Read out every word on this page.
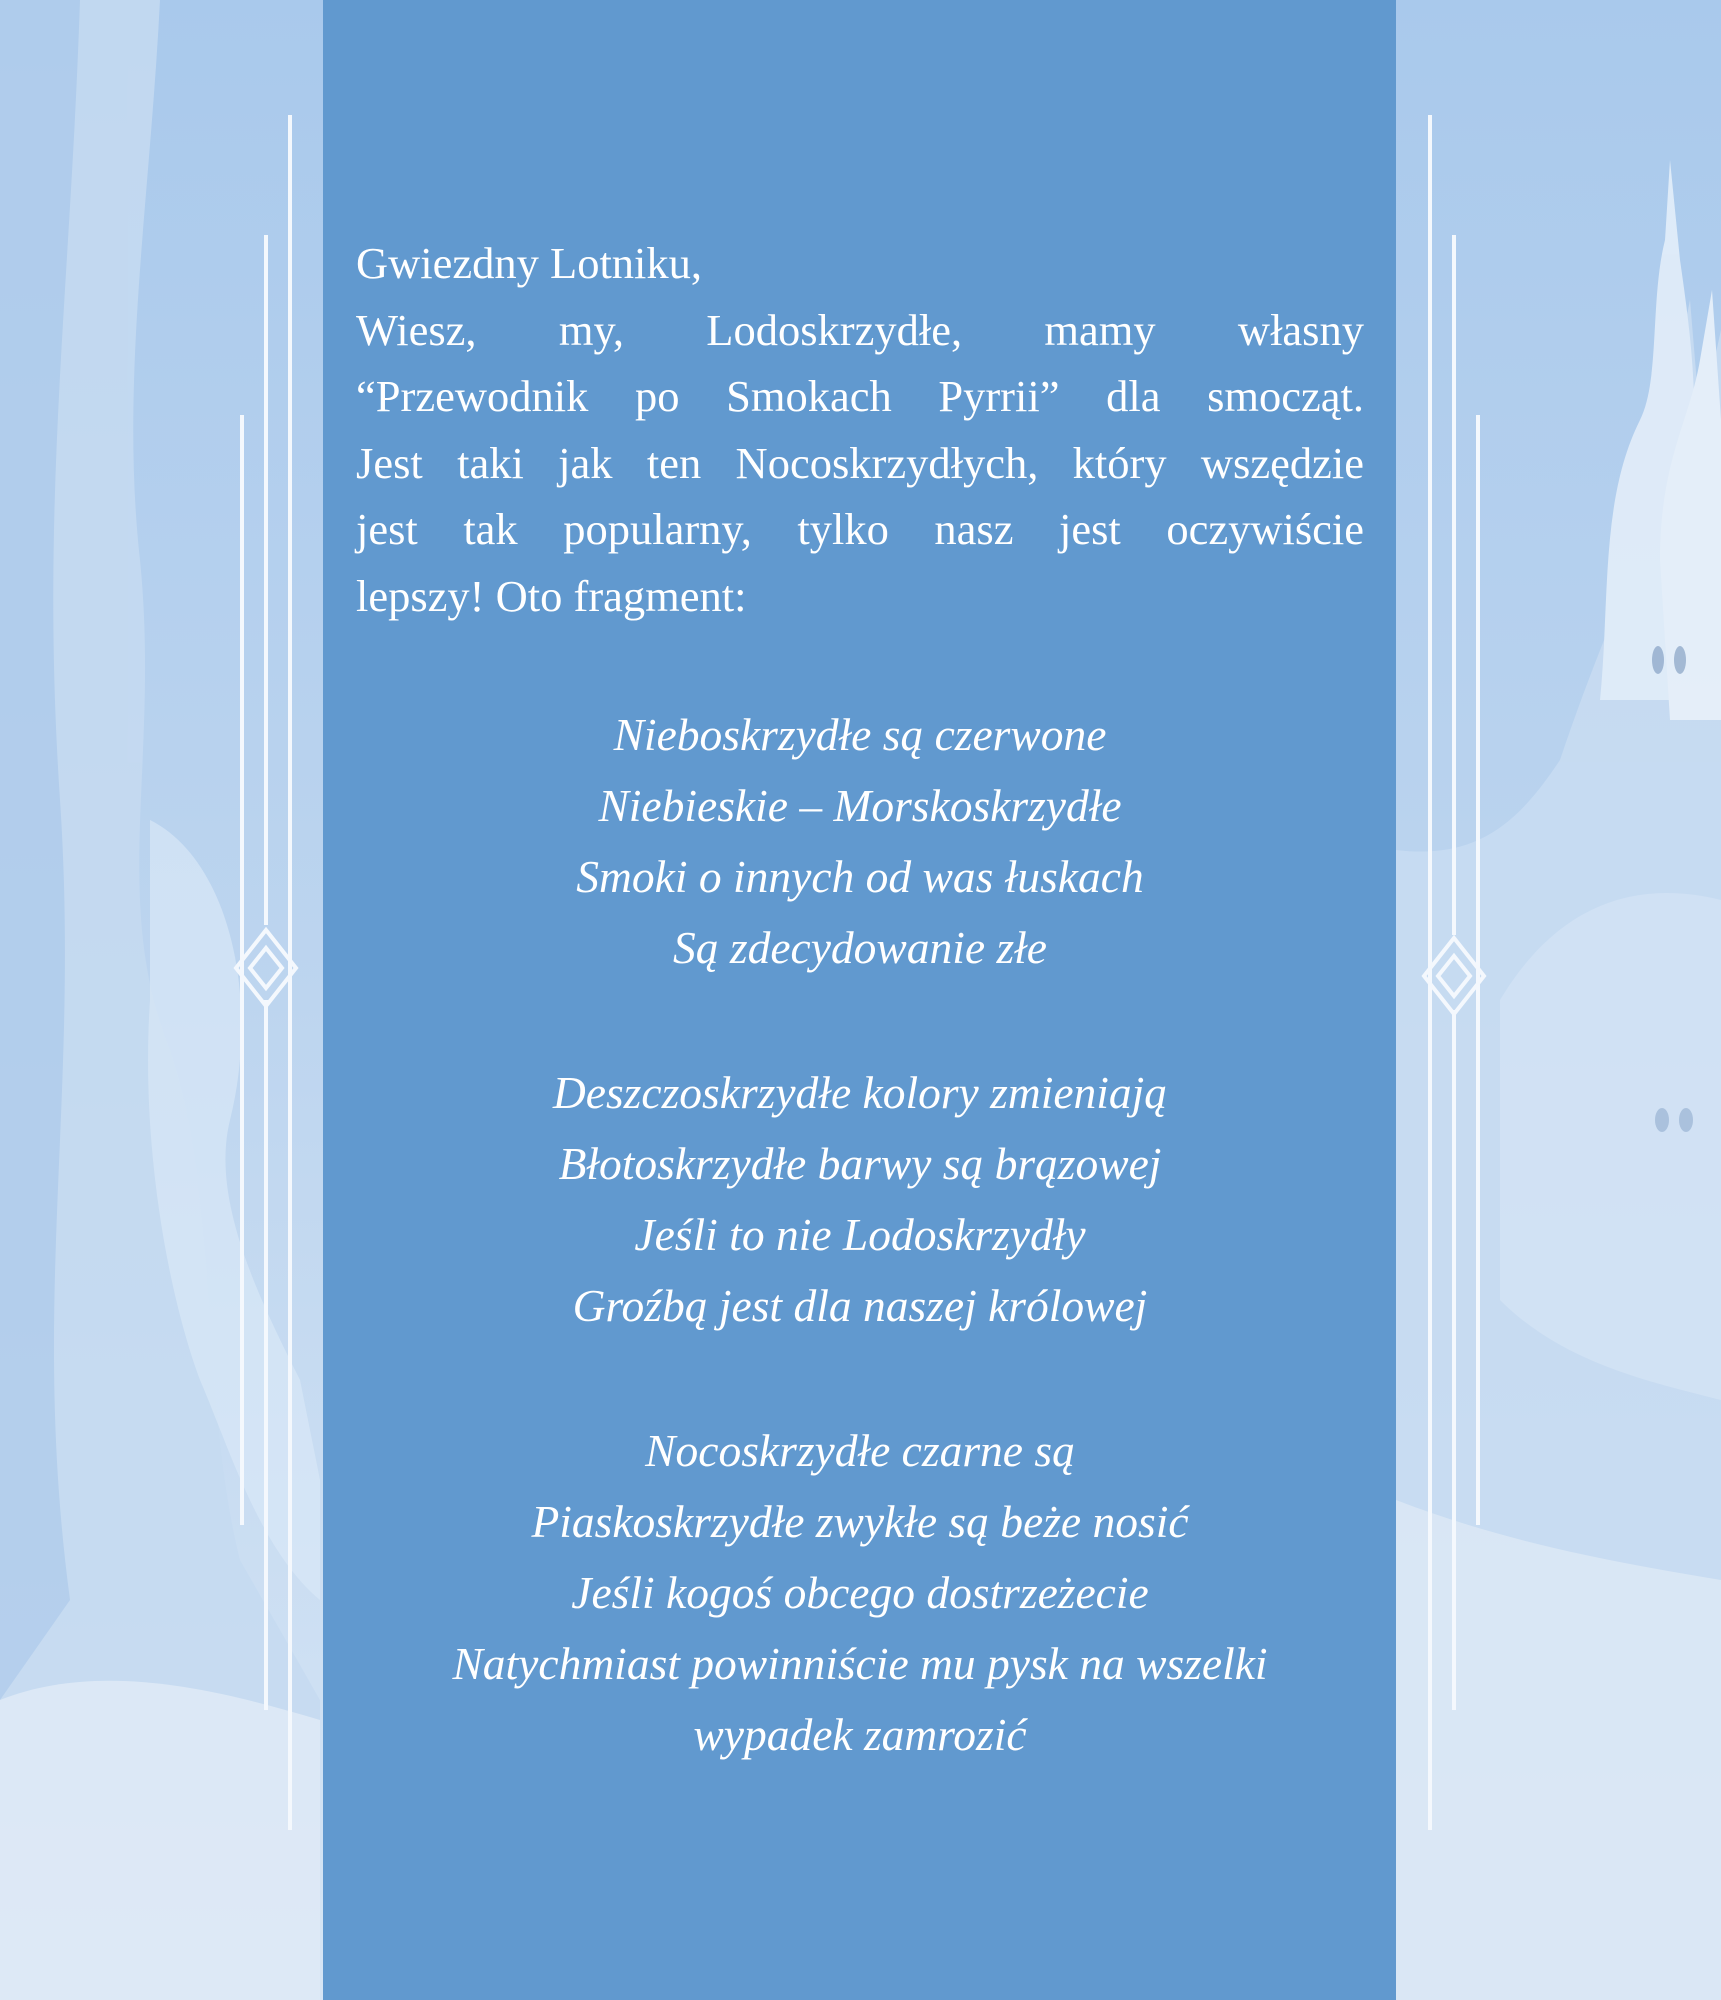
Gwiezdny Lotniku,

Wiesz, my, Lodoskrzydłe, mamy własny

“Przewodnik po Smokach Pyrrii” dla smocząt.

Jest taki jak ten Nocoskrzydłych, który wszędzie

jest tak popularny, tylko nasz jest oczywiście

lepszy! Oto fragment:

Nieboskrzydłe są czerwone
Niebieskie – Morskoskrzydłe
Smoki o innych od was łuskach
Są zdecydowanie złe
Deszczoskrzydłe kolory zmieniają
Błotoskrzydłe barwy są brązowej
Jeśli to nie Lodoskrzydły
Groźbą jest dla naszej królowej
Nocoskrzydłe czarne są
Piaskoskrzydłe zwykłe są beże nosić
Jeśli kogoś obcego dostrzeżecie
Natychmiast powinniście mu pysk na wszelki
wypadek zamrozić
